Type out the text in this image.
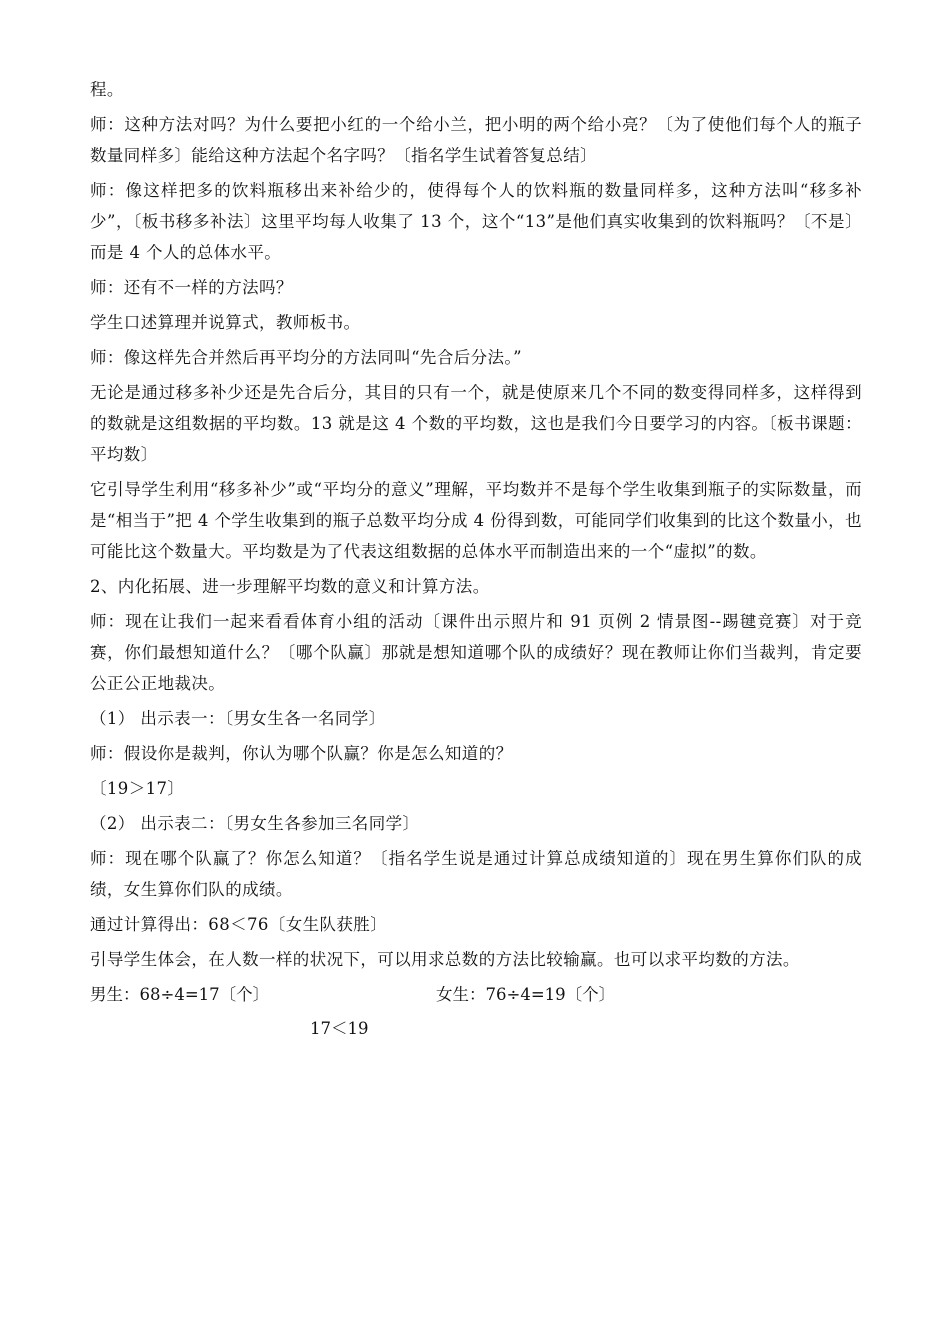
程。

师：这种方法对吗？为什么要把小红的一个给小兰，把小明的两个给小亮？〔为了使他们每个人的瓶子数量同样多〕能给这种方法起个名字吗？〔指名学生试着答复总结〕

师：像这样把多的饮料瓶移出来补给少的，使得每个人的饮料瓶的数量同样多，这种方法叫“移多补少”，〔板书移多补法〕这里平均每人收集了 13 个，这个“13”是他们真实收集到的饮料瓶吗？〔不是〕而是 4 个人的总体水平。

师：还有不一样的方法吗？

学生口述算理并说算式，教师板书。

师：像这样先合并然后再平均分的方法同叫“先合后分法。”

无论是通过移多补少还是先合后分，其目的只有一个，就是使原来几个不同的数变得同样多，这样得到的数就是这组数据的平均数。13 就是这 4 个数的平均数，这也是我们今日要学习的内容。〔板书课题：平均数〕

它引导学生利用“移多补少”或“平均分的意义”理解，平均数并不是每个学生收集到瓶子的实际数量，而是“相当于”把 4 个学生收集到的瓶子总数平均分成 4 份得到数，可能同学们收集到的比这个数量小，也可能比这个数量大。平均数是为了代表这组数据的总体水平而制造出来的一个“虚拟”的数。

2、内化拓展、进一步理解平均数的意义和计算方法。

师：现在让我们一起来看看体育小组的活动〔课件出示照片和 91 页例 2 情景图--踢毽竞赛〕对于竞赛，你们最想知道什么？〔哪个队赢〕那就是想知道哪个队的成绩好？现在教师让你们当裁判，肯定要公正公正地裁决。

（1） 出示表一：〔男女生各一名同学〕

师：假设你是裁判，你认为哪个队赢？你是怎么知道的？

〔19＞17〕

（2） 出示表二：〔男女生各参加三名同学〕

师：现在哪个队赢了？你怎么知道？〔指名学生说是通过计算总成绩知道的〕现在男生算你们队的成绩，女生算你们队的成绩。

通过计算得出：68＜76〔女生队获胜〕

引导学生体会，在人数一样的状况下，可以用求总数的方法比较输赢。也可以求平均数的方法。

男生：68÷4=17〔个〕	女生：76÷4=19〔个〕
17＜19
